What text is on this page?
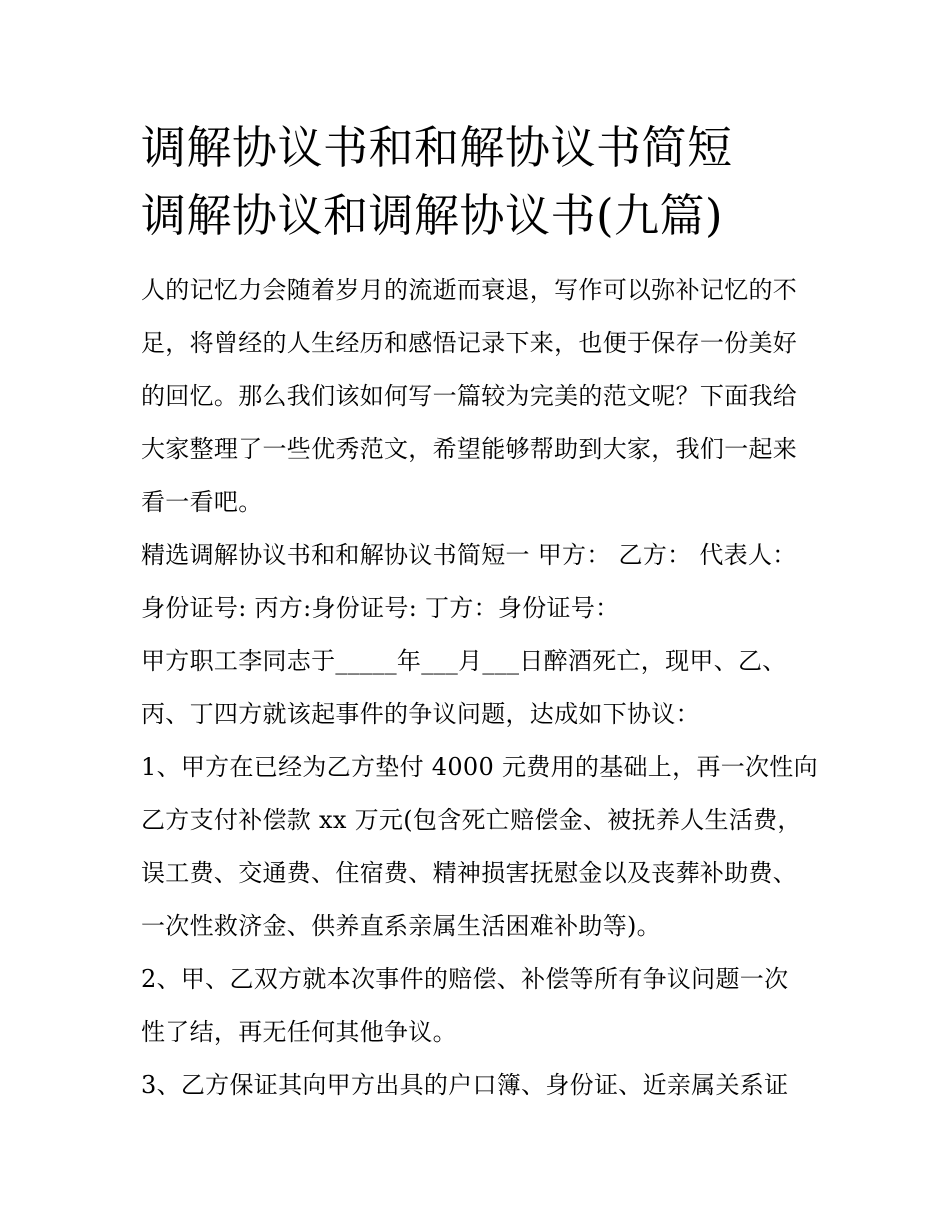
调解协议书和和解协议书简短
调解协议和调解协议书(九篇)

人的记忆力会随着岁月的流逝而衰退，写作可以弥补记忆的不
足，将曾经的人生经历和感悟记录下来，也便于保存一份美好
的回忆。那么我们该如何写一篇较为完美的范文呢？下面我给
大家整理了一些优秀范文，希望能够帮助到大家，我们一起来
看一看吧。

精选调解协议书和和解协议书简短一 甲方： 乙方： 代表人：
身份证号: 丙方:身份证号: 丁方：身份证号：

甲方职工李同志于_____年___月___日醉酒死亡，现甲、乙、
丙、丁四方就该起事件的争议问题，达成如下协议：

1、甲方在已经为乙方垫付 4000 元费用的基础上，再一次性向
乙方支付补偿款 xx 万元(包含死亡赔偿金、被抚养人生活费，
误工费、交通费、住宿费、精神损害抚慰金以及丧葬补助费、
一次性救济金、供养直系亲属生活困难补助等)。

2、甲、乙双方就本次事件的赔偿、补偿等所有争议问题一次
性了结，再无任何其他争议。

3、乙方保证其向甲方出具的户口簿、身份证、近亲属关系证
